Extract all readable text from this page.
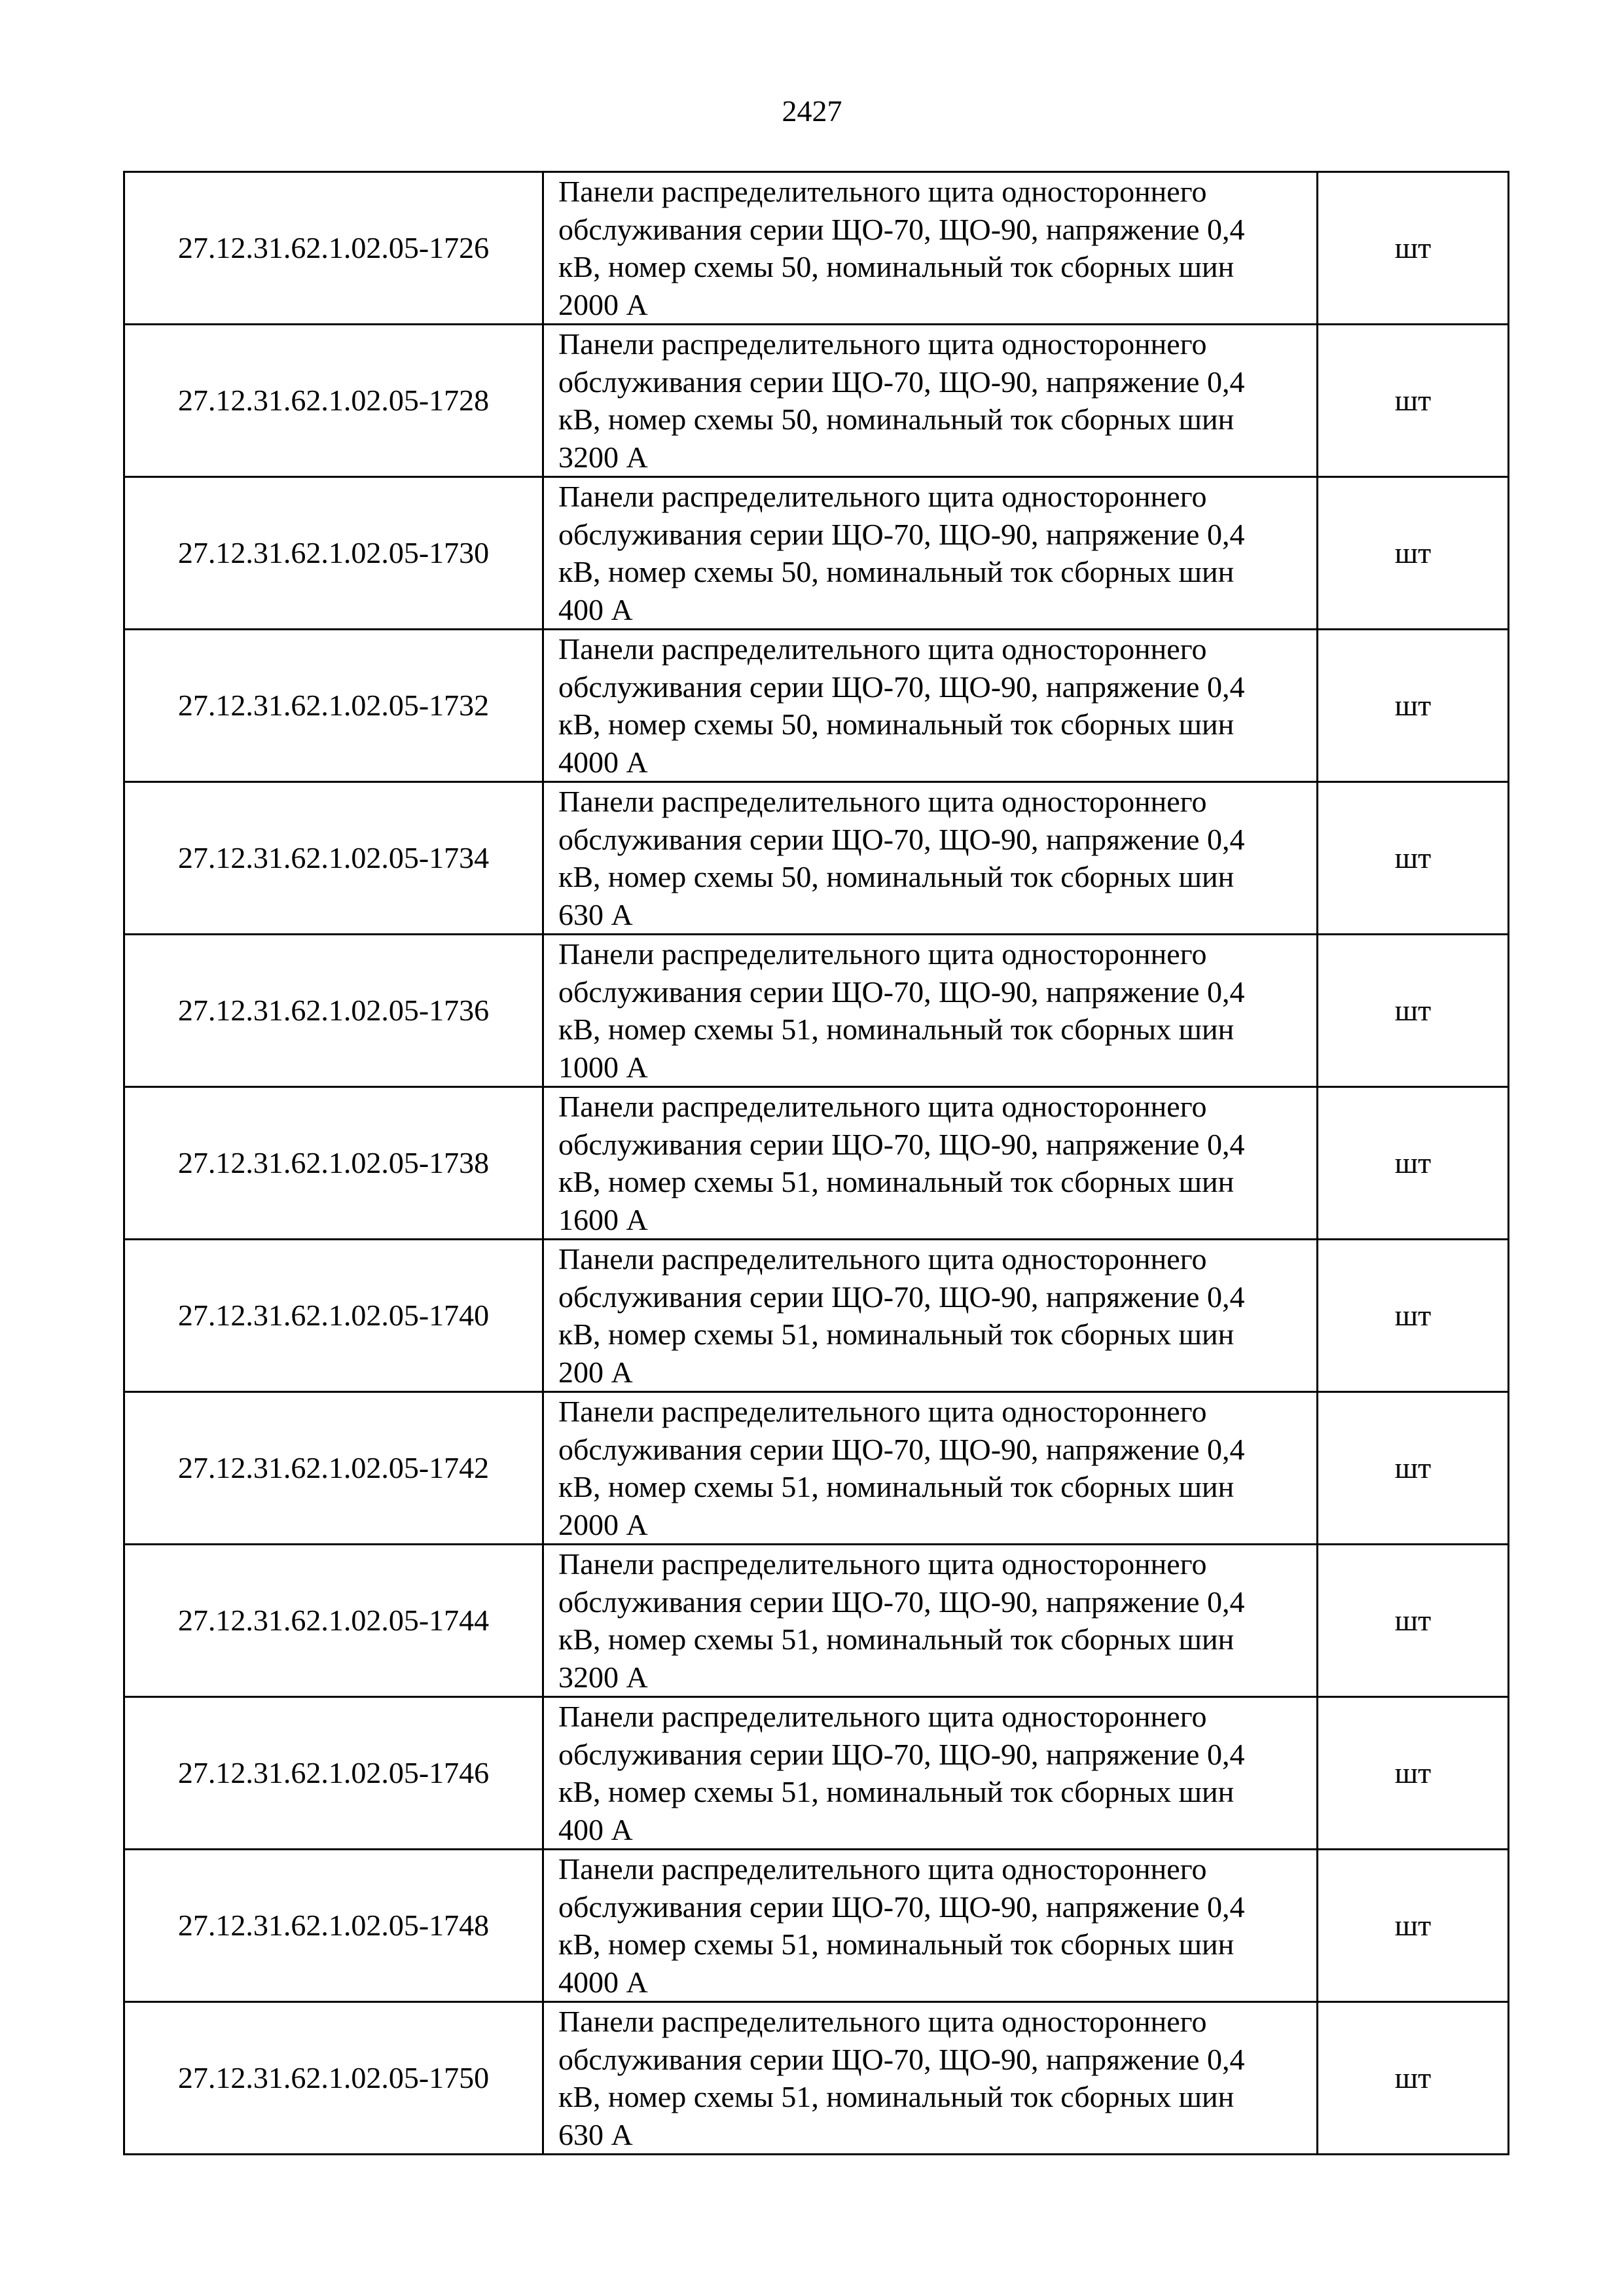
2427
27.12.31.62.1.02.05-1726	Панели распределительного щита одностороннего
обслуживания серии ЩО-70, ЩО-90, напряжение 0,4
кВ, номер схемы 50, номинальный ток сборных шин
2000 А	шт
27.12.31.62.1.02.05-1728	Панели распределительного щита одностороннего
обслуживания серии ЩО-70, ЩО-90, напряжение 0,4
кВ, номер схемы 50, номинальный ток сборных шин
3200 А	шт
27.12.31.62.1.02.05-1730	Панели распределительного щита одностороннего
обслуживания серии ЩО-70, ЩО-90, напряжение 0,4
кВ, номер схемы 50, номинальный ток сборных шин
400 А	шт
27.12.31.62.1.02.05-1732	Панели распределительного щита одностороннего
обслуживания серии ЩО-70, ЩО-90, напряжение 0,4
кВ, номер схемы 50, номинальный ток сборных шин
4000 А	шт
27.12.31.62.1.02.05-1734	Панели распределительного щита одностороннего
обслуживания серии ЩО-70, ЩО-90, напряжение 0,4
кВ, номер схемы 50, номинальный ток сборных шин
630 А	шт
27.12.31.62.1.02.05-1736	Панели распределительного щита одностороннего
обслуживания серии ЩО-70, ЩО-90, напряжение 0,4
кВ, номер схемы 51, номинальный ток сборных шин
1000 А	шт
27.12.31.62.1.02.05-1738	Панели распределительного щита одностороннего
обслуживания серии ЩО-70, ЩО-90, напряжение 0,4
кВ, номер схемы 51, номинальный ток сборных шин
1600 А	шт
27.12.31.62.1.02.05-1740	Панели распределительного щита одностороннего
обслуживания серии ЩО-70, ЩО-90, напряжение 0,4
кВ, номер схемы 51, номинальный ток сборных шин
200 А	шт
27.12.31.62.1.02.05-1742	Панели распределительного щита одностороннего
обслуживания серии ЩО-70, ЩО-90, напряжение 0,4
кВ, номер схемы 51, номинальный ток сборных шин
2000 А	шт
27.12.31.62.1.02.05-1744	Панели распределительного щита одностороннего
обслуживания серии ЩО-70, ЩО-90, напряжение 0,4
кВ, номер схемы 51, номинальный ток сборных шин
3200 А	шт
27.12.31.62.1.02.05-1746	Панели распределительного щита одностороннего
обслуживания серии ЩО-70, ЩО-90, напряжение 0,4
кВ, номер схемы 51, номинальный ток сборных шин
400 А	шт
27.12.31.62.1.02.05-1748	Панели распределительного щита одностороннего
обслуживания серии ЩО-70, ЩО-90, напряжение 0,4
кВ, номер схемы 51, номинальный ток сборных шин
4000 А	шт
27.12.31.62.1.02.05-1750	Панели распределительного щита одностороннего
обслуживания серии ЩО-70, ЩО-90, напряжение 0,4
кВ, номер схемы 51, номинальный ток сборных шин
630 А	шт
